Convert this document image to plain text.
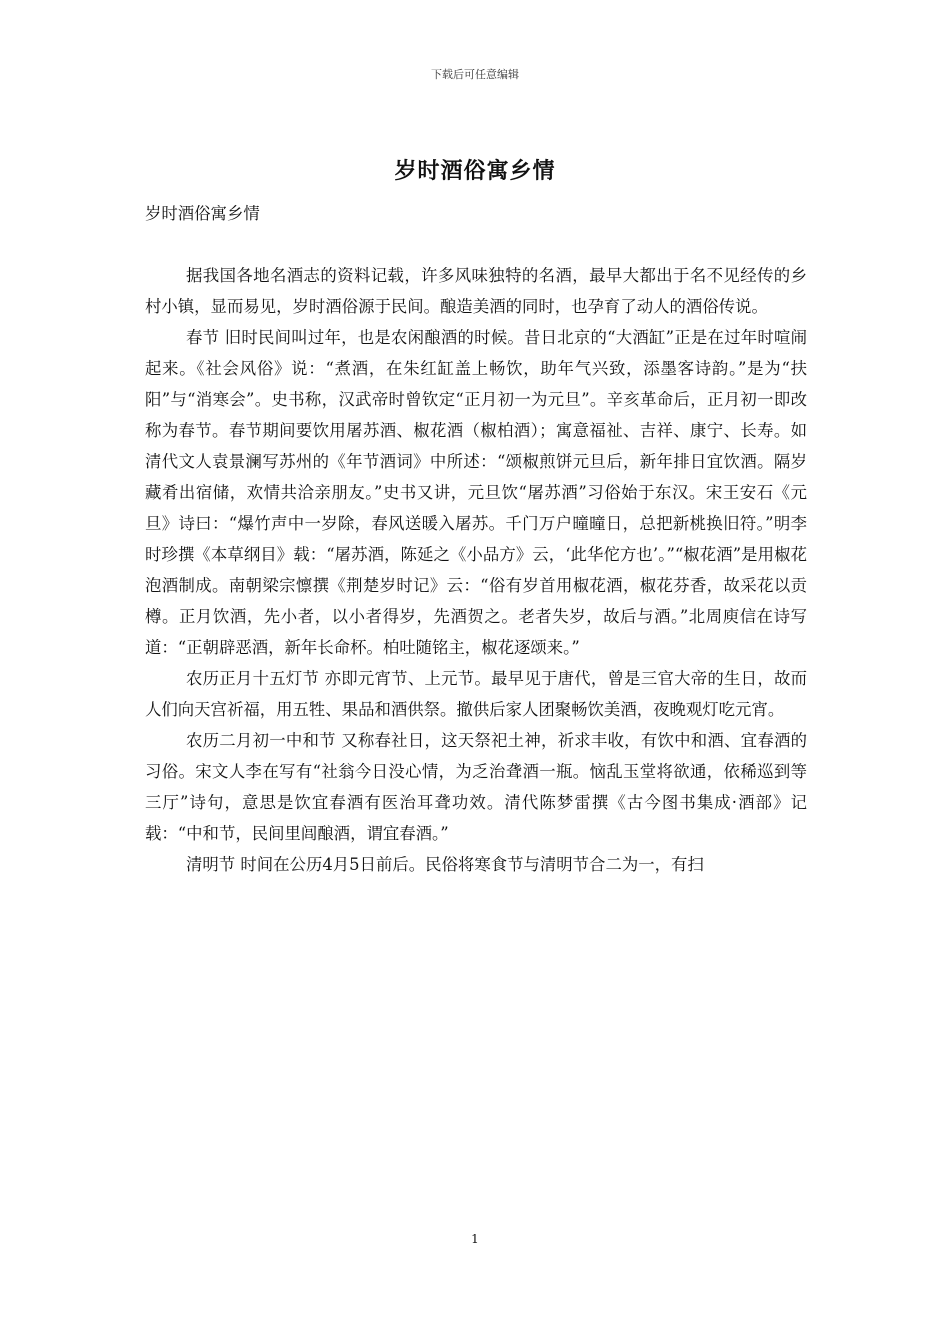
下载后可任意编辑
岁时酒俗寓乡情

岁时酒俗寓乡情

据我国各地名酒志的资料记载，许多风味独特的名酒，最早大都出于名不见经传的乡村小镇，显而易见，岁时酒俗源于民间。酿造美酒的同时，也孕育了动人的酒俗传说。

春节 旧时民间叫过年，也是农闲酿酒的时候。昔日北京的“大酒缸”正是在过年时喧闹起来。《社会风俗》说：“煮酒，在朱红缸盖上畅饮，助年气兴致，添墨客诗韵。”是为“扶阳”与“消寒会”。史书称，汉武帝时曾钦定“正月初一为元旦”。辛亥革命后，正月初一即改称为春节。春节期间要饮用屠苏酒、椒花酒（椒柏酒）；寓意福祉、吉祥、康宁、长寿。如清代文人袁景澜写苏州的《年节酒词》中所述：“颂椒煎饼元旦后，新年排日宜饮酒。隔岁藏肴出宿储，欢情共洽亲朋友。”史书又讲，元旦饮“屠苏酒”习俗始于东汉。宋王安石《元旦》诗曰：“爆竹声中一岁除，春风送暖入屠苏。千门万户曈曈日，总把新桃换旧符。”明李时珍撰《本草纲目》载：“屠苏酒，陈延之《小品方》云，‘此华佗方也’。”“椒花酒”是用椒花泡酒制成。南朝梁宗懔撰《荆楚岁时记》云：“俗有岁首用椒花酒，椒花芬香，故采花以贡樽。正月饮酒，先小者，以小者得岁，先酒贺之。老者失岁，故后与酒。”北周庾信在诗写道：“正朝辟恶酒，新年长命杯。柏吐随铭主，椒花逐颂来。”

农历正月十五灯节 亦即元宵节、上元节。最早见于唐代，曾是三官大帝的生日，故而人们向天宫祈福，用五牲、果品和酒供祭。撤供后家人团聚畅饮美酒，夜晚观灯吃元宵。

农历二月初一中和节 又称春社日，这天祭祀土神，祈求丰收，有饮中和酒、宜春酒的习俗。宋文人李在写有“社翁今日没心情，为乏治聋酒一瓶。恼乱玉堂将欲通，依稀巡到等三厅”诗句，意思是饮宜春酒有医治耳聋功效。清代陈梦雷撰《古今图书集成·酒部》记载：“中和节，民间里闾酿酒，谓宜春酒。”

清明节 时间在公历4月5日前后。民俗将寒食节与清明节合二为一，有扫

1
